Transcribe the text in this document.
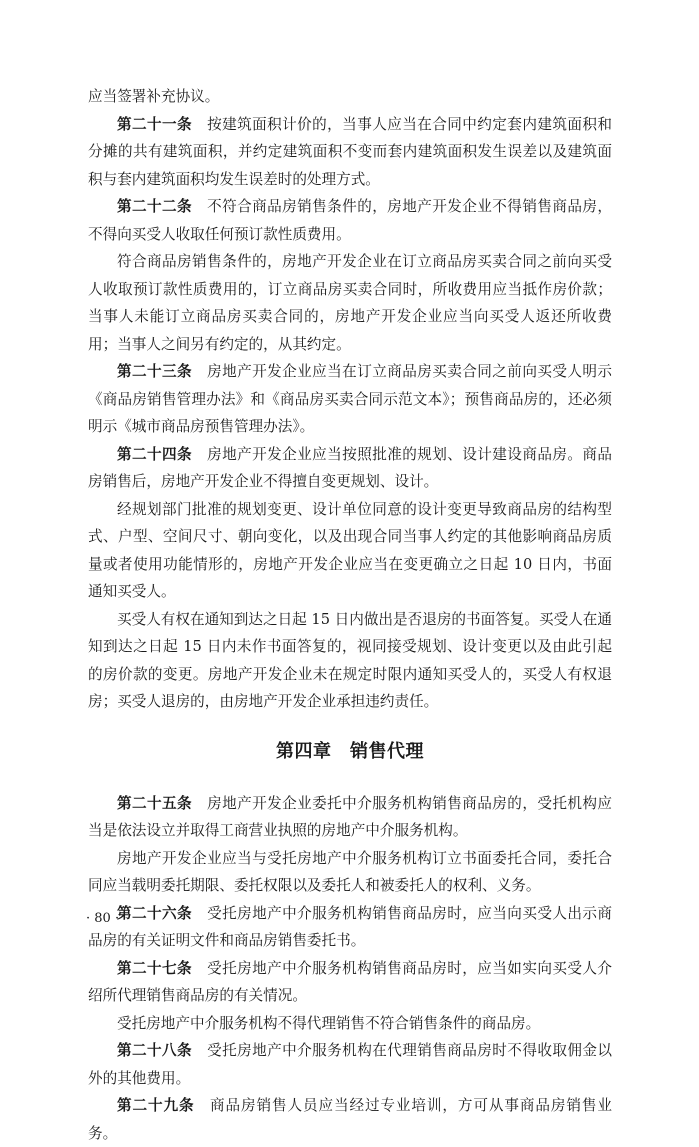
应当签署补充协议。

第二十一条　 按建筑面积计价的，当事人应当在合同中约定套内建筑面积和分摊的共有建筑面积，并约定建筑面积不变而套内建筑面积发生误差以及建筑面积与套内建筑面积均发生误差时的处理方式。

第二十二条　 不符合商品房销售条件的，房地产开发企业不得销售商品房，不得向买受人收取任何预订款性质费用。

符合商品房销售条件的，房地产开发企业在订立商品房买卖合同之前向买受人收取预订款性质费用的，订立商品房买卖合同时，所收费用应当抵作房价款；当事人未能订立商品房买卖合同的，房地产开发企业应当向买受人返还所收费用；当事人之间另有约定的，从其约定。

第二十三条　 房地产开发企业应当在订立商品房买卖合同之前向买受人明示《商品房销售管理办法》和《商品房买卖合同示范文本》；预售商品房的，还必须明示《城市商品房预售管理办法》。

第二十四条　 房地产开发企业应当按照批准的规划、设计建设商品房。商品房销售后，房地产开发企业不得擅自变更规划、设计。

经规划部门批准的规划变更、设计单位同意的设计变更导致商品房的结构型式、户型、空间尺寸、朝向变化，以及出现合同当事人约定的其他影响商品房质量或者使用功能情形的，房地产开发企业应当在变更确立之日起 10 日内，书面通知买受人。

买受人有权在通知到达之日起 15 日内做出是否退房的书面答复。买受人在通知到达之日起 15 日内未作书面答复的，视同接受规划、设计变更以及由此引起的房价款的变更。房地产开发企业未在规定时限内通知买受人的，买受人有权退房；买受人退房的，由房地产开发企业承担违约责任。

第四章　销售代理

第二十五条　 房地产开发企业委托中介服务机构销售商品房的，受托机构应当是依法设立并取得工商营业执照的房地产中介服务机构。

房地产开发企业应当与受托房地产中介服务机构订立书面委托合同，委托合同应当载明委托期限、委托权限以及委托人和被委托人的权利、义务。

第二十六条　 受托房地产中介服务机构销售商品房时，应当向买受人出示商品房的有关证明文件和商品房销售委托书。

第二十七条　 受托房地产中介服务机构销售商品房时，应当如实向买受人介绍所代理销售商品房的有关情况。

受托房地产中介服务机构不得代理销售不符合销售条件的商品房。

第二十八条　 受托房地产中介服务机构在代理销售商品房时不得收取佣金以外的其他费用。

第二十九条　 商品房销售人员应当经过专业培训，方可从事商品房销售业务。

· 80 ·
